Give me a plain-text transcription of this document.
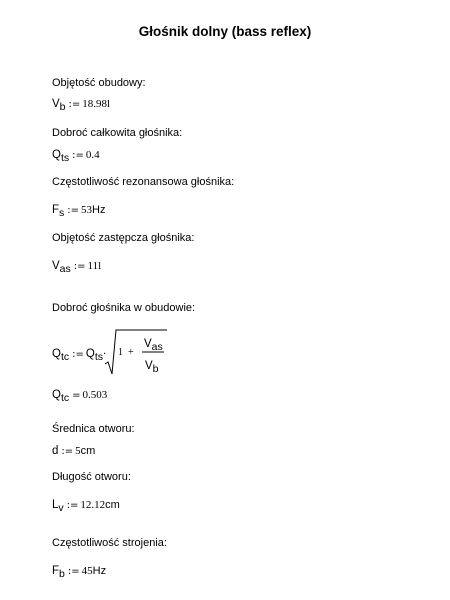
Głośnik dolny (bass reflex)
Objętość obudowy:
Vb := 18.98l
Dobroć całkowita głośnika:
Qts := 0.4
Częstotliwość rezonansowa głośnika:
Fs := 53Hz
Objętość zastępcza głośnika:
Vas := 11l
Dobroć głośnika w obudowie:
Qtc := Qts· 1 +
Vas
Vb
Qtc = 0.503
Średnica otworu:
d := 5cm
Długość otworu:
Lv := 12.12cm
Częstotliwość strojenia:
Fb := 45Hz
